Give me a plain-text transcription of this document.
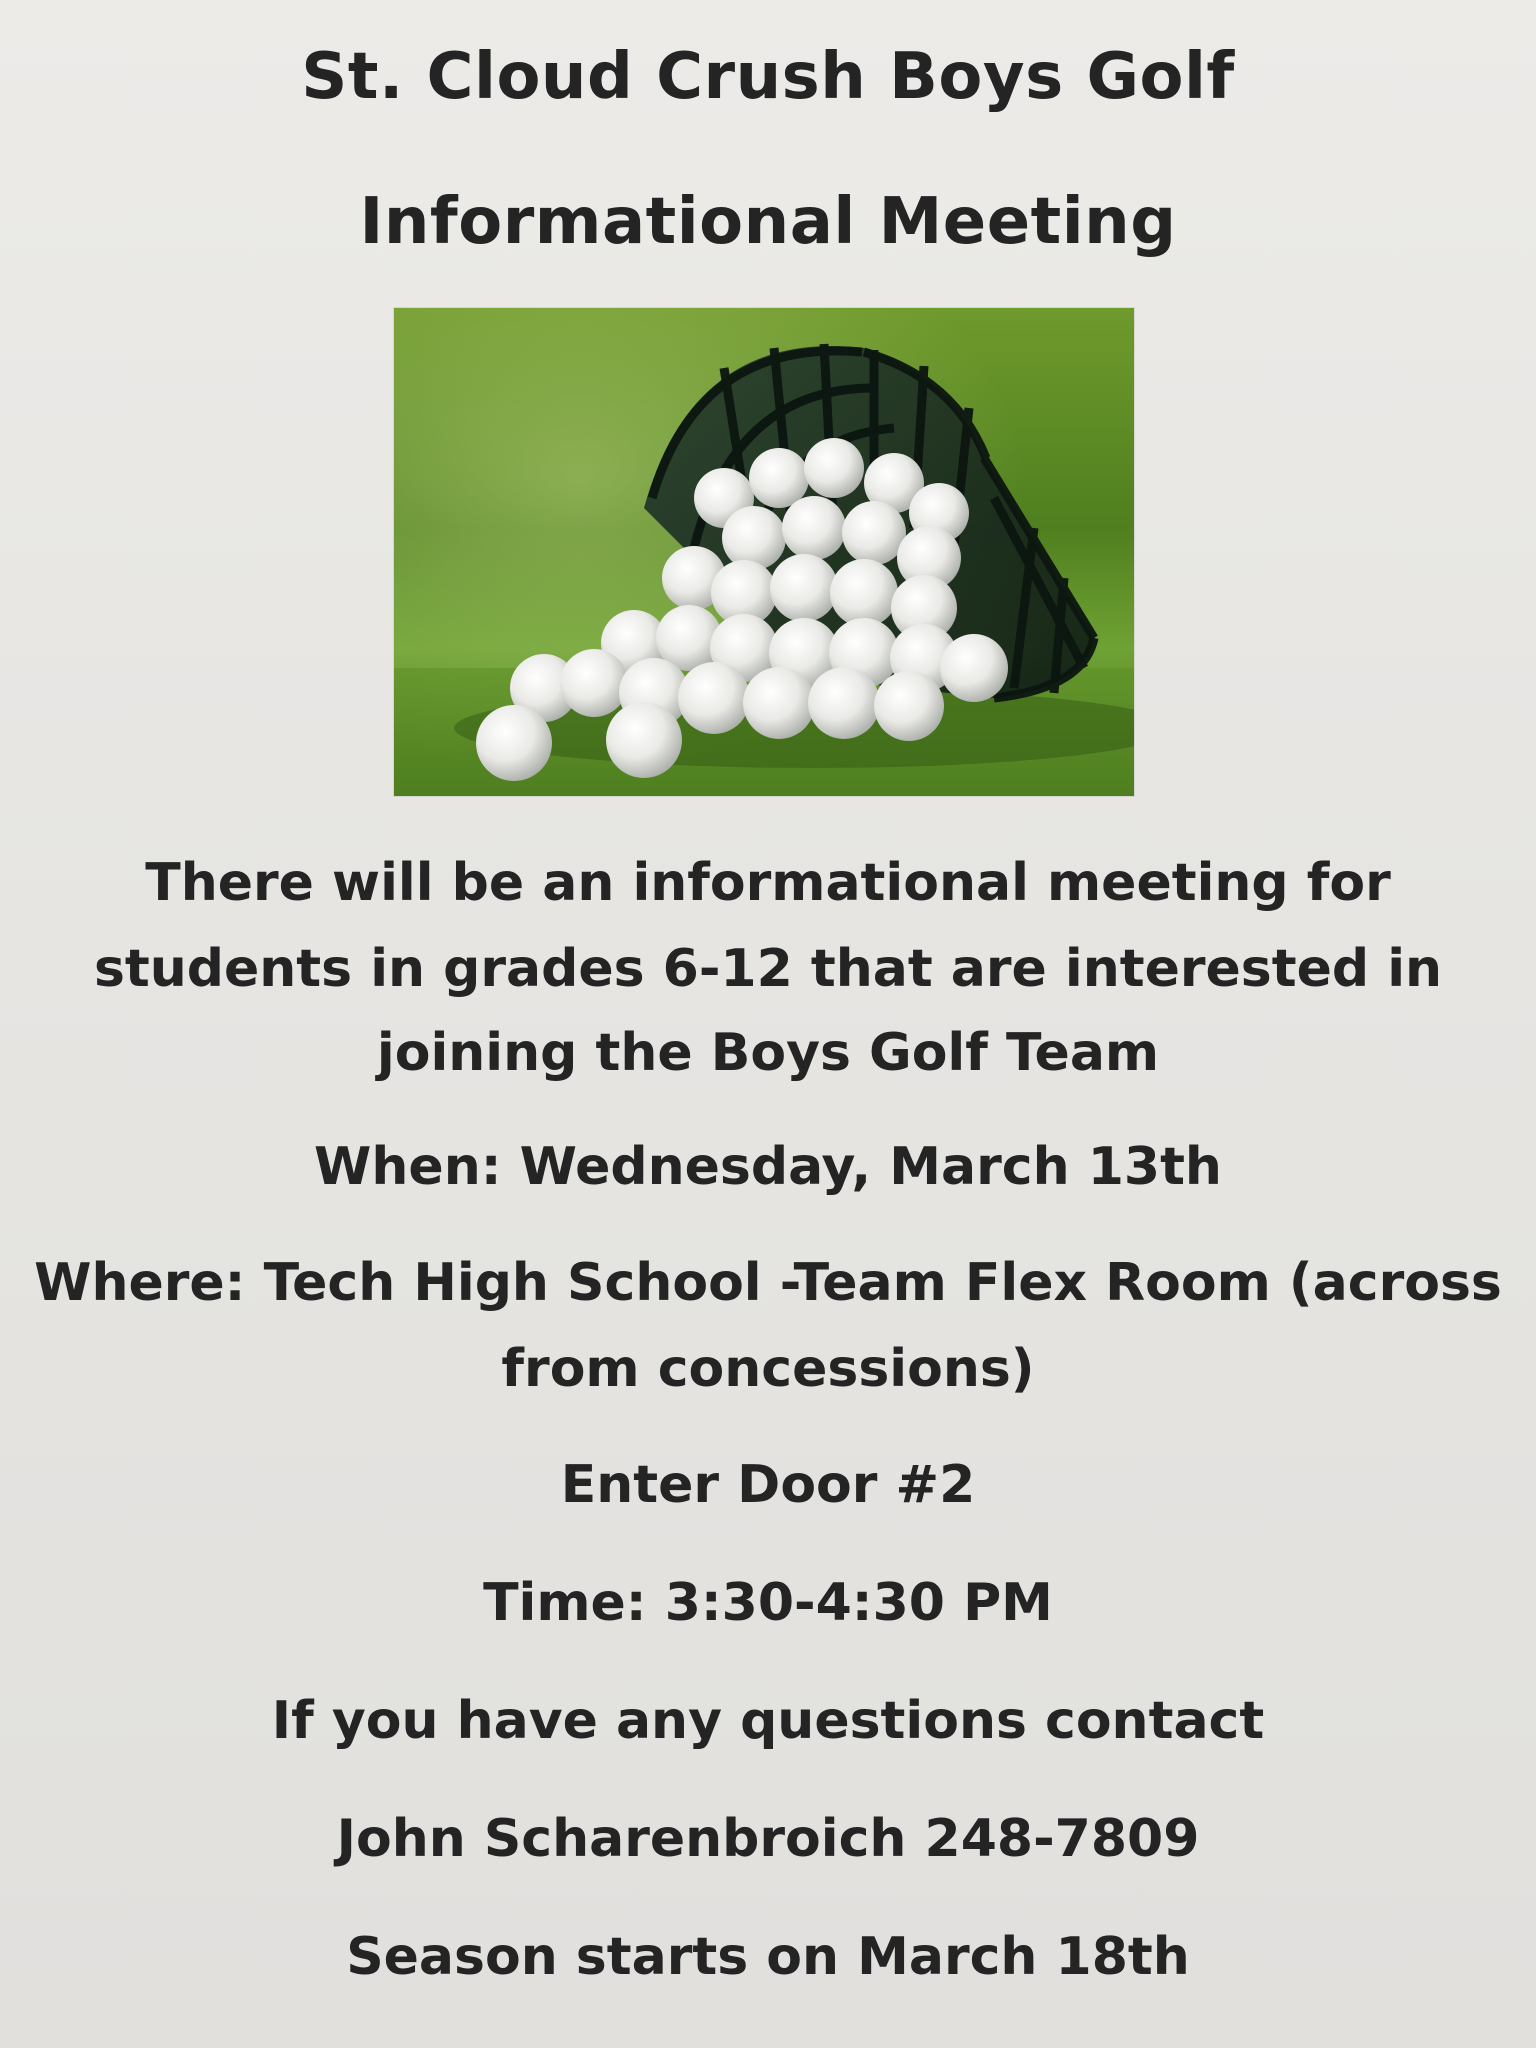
St. Cloud Crush Boys Golf
Informational Meeting
There will be an informational meeting for
students in grades 6-12 that are interested in
joining the Boys Golf Team
When: Wednesday, March 13th
Where: Tech High School -Team Flex Room (across
from concessions)
Enter Door #2
Time: 3:30-4:30 PM
If you have any questions contact
John Scharenbroich 248-7809
Season starts on March 18th
